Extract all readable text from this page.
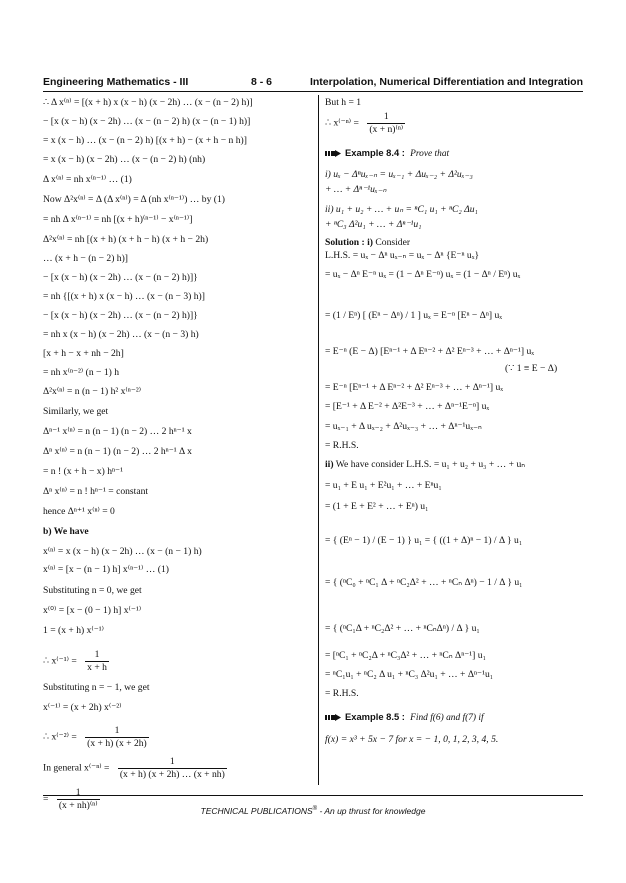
Engineering Mathematics - III	8 - 6	Interpolation, Numerical Differentiation and Integration
∴ Δ x⁽ⁿ⁾ = [(x + h) x (x − h) (x − 2h) … (x − (n − 2) h)]
− [x (x − h) (x − 2h) … (x − (n − 2) h) (x − (n − 1) h)]
= x (x − h) … (x − (n − 2) h) [(x + h) − (x + h − n h)]
= x (x − h) (x − 2h) … (x − (n − 2) h) (nh)
Δ x⁽ⁿ⁾ = nh x⁽ⁿ⁻¹⁾ … (1)
Now Δ²x⁽ⁿ⁾ = Δ (Δ x⁽ⁿ⁾) = Δ (nh x⁽ⁿ⁻¹⁾) … by (1)
= nh Δ x⁽ⁿ⁻¹⁾ = nh [(x + h)⁽ⁿ⁻¹⁾ − x⁽ⁿ⁻¹⁾]
Δ²x⁽ⁿ⁾ = nh [(x + h) (x + h − h) (x + h − 2h)
… (x + h − (n − 2) h)]
− [x (x − h) (x − 2h) … (x − (n − 2) h)]}
= nh {[(x + h) x (x − h) … (x − (n − 3) h)]
− [x (x − h) (x − 2h) … (x − (n − 2) h)]}
= nh x (x − h) (x − 2h) … (x − (n − 3) h)
[x + h − x + nh − 2h]
= nh x⁽ⁿ⁻²⁾ (n − 1) h
Δ²x⁽ⁿ⁾ = n (n − 1) h² x⁽ⁿ⁻²⁾
Similarly, we get
Δⁿ⁻¹ x⁽ⁿ⁾ = n (n − 1) (n − 2) … 2 hⁿ⁻¹ x
Δⁿ x⁽ⁿ⁾ = n (n − 1) (n − 2) … 2 hⁿ⁻¹ Δ x
= n ! (x + h − x) hⁿ⁻¹
Δⁿ x⁽ⁿ⁾ = n ! hⁿ⁻¹ = constant
hence Δⁿ⁺¹ x⁽ⁿ⁾ = 0
b) We have
x⁽ⁿ⁾ = x (x − h) (x − 2h) … (x − (n − 1) h)
x⁽ⁿ⁾ = [x − (n − 1) h] x⁽ⁿ⁻¹⁾ … (1)
Substituting n = 0, we get
x⁽⁰⁾ = [x − (0 − 1) h] x⁽⁻¹⁾
1 = (x + h) x⁽⁻¹⁾
∴ $x^{(-1)} = \frac{1}{x + h}$
Substituting n = − 1, we get
x⁽⁻¹⁾ = (x + 2h) x⁽⁻²⁾
∴ $x^{(-2)} = \frac{1}{(x + h) (x + 2h)}$
In general $x^{(-n)} = \frac{1}{(x + h) (x + 2h) \dots (x + nh)}$
= $\frac{1}{\text{(x + nh)⁽ⁿ⁾}}$
But h = 1
∴ $x^{(-n)} = \frac{1}{\text{(x + n)⁽ⁿ⁾}}$
Example 8.4 : Prove that
i) uₓ − Δⁿuₓ₋ₙ = uₓ₋₁ + Δuₓ₋₂ + Δ²uₓ₋₃
+ … + Δⁿ⁻¹uₓ₋ₙ
ii) u₁ + u₂ + … + uₙ = ⁿC₁ u₁ + ⁿC₂ Δu₁
+ ⁿC₃ Δ²u₁ + … + Δⁿ⁻¹u₁
Solution : i) Consider
L.H.S. = uₓ − Δⁿ uₓ₋ₙ = uₓ − Δⁿ {E⁻ⁿ uₓ}
= uₓ − Δⁿ E⁻ⁿ uₓ = (1 − Δⁿ E⁻ⁿ) uₓ = (1 − Δⁿ / Eⁿ) uₓ
= (1 / Eⁿ) [ (Eⁿ − Δⁿ) / 1 ] uₓ = E⁻ⁿ [Eⁿ − Δⁿ] uₓ
= E⁻ⁿ (E − Δ) [Eⁿ⁻¹ + Δ Eⁿ⁻² + Δ² Eⁿ⁻³ + … + Δⁿ⁻¹] uₓ
(∵ 1 ≡ E − Δ)
= E⁻ⁿ [Eⁿ⁻¹ + Δ Eⁿ⁻² + Δ² Eⁿ⁻³ + … + Δⁿ⁻¹] uₓ
= [E⁻¹ + Δ E⁻² + Δ²E⁻³ + … + Δⁿ⁻¹E⁻ⁿ] uₓ
= uₓ₋₁ + Δ uₓ₋₂ + Δ²uₓ₋₃ + … + Δⁿ⁻¹uₓ₋ₙ
= R.H.S.
ii) We have consider L.H.S. = u₁ + u₂ + u₃ + … + uₙ
= u₁ + E u₁ + E²u₁ + … + Eⁿu₁
= (1 + E + E² + … + Eⁿ) u₁
= { (Eⁿ − 1) / (E − 1) } u₁ = { ((1 + Δ)ⁿ − 1) / Δ } u₁
= { (ⁿC₀ + ⁿC₁ Δ + ⁿC₂Δ² + … + ⁿCₙ Δⁿ) − 1 / Δ } u₁
= { (ⁿC₁Δ + ⁿC₂Δ² + … + ⁿCₙΔⁿ) / Δ } u₁
= [ⁿC₁ + ⁿC₂Δ + ⁿC₃Δ² + … + ⁿCₙ Δⁿ⁻¹] u₁
= ⁿC₁u₁ + ⁿC₂ Δ u₁ + ⁿC₃ Δ²u₁ + … + Δⁿ⁻¹u₁
= R.H.S.
Example 8.5 : Find f(6) and f(7) if
f(x) = x³ + 5x − 7 for x = − 1, 0, 1, 2, 3, 4, 5.
TECHNICAL PUBLICATIONS® - An up thrust for knowledge
